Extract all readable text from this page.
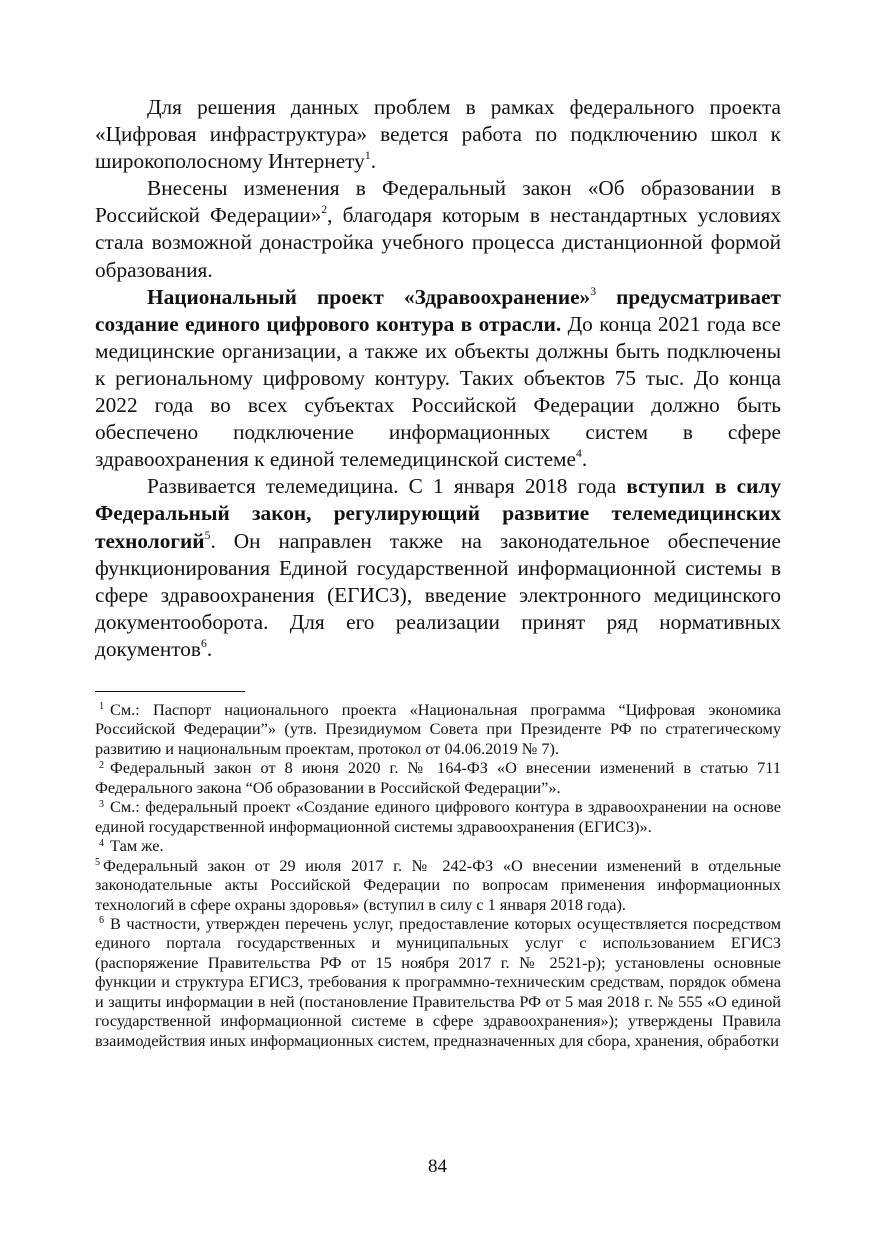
Для решения данных проблем в рамках федерального проекта «Цифровая инфраструктура» ведется работа по подключению школ к широкополосному Интернету$^1$.

Внесены изменения в Федеральный закон «Об образовании в Российской Федерации»$^2$, благодаря которым в нестандартных условиях стала возможной донастройка учебного процесса дистанционной формой образования.

Национальный проект «Здравоохранение»$^3$ предусматривает создание единого цифрового контура в отрасли. До конца 2021 года все медицинские организации, а также их объекты должны быть подключены к региональному цифровому контуру. Таких объектов 75 тыс. До конца 2022 года во всех субъектах Российской Федерации должно быть обеспечено подключение информационных систем в сфере здравоохранения к единой телемедицинской системе$^4$.

Развивается телемедицина. С 1 января 2018 года вступил в силу Федеральный закон, регулирующий развитие телемедицинских технологий$^5$. Он направлен также на законодательное обеспечение функционирования Единой государственной информационной системы в сфере здравоохранения (ЕГИСЗ), введение электронного медицинского документооборота. Для его реализации принят ряд нормативных документов$^6$.

$^1$ См.: Паспорт национального проекта «Национальная программа “Цифровая экономика Российской Федерации”» (утв. Президиумом Совета при Президенте РФ по стратегическому развитию и национальным проектам, протокол от 04.06.2019 № 7).

$^2$ Федеральный закон от 8 июня 2020 г. № 164-ФЗ «О внесении изменений в статью 711 Федерального закона “Об образовании в Российской Федерации”».

$^3$ См.: федеральный проект «Создание единого цифрового контура в здравоохранении на основе единой государственной информационной системы здравоохранения (ЕГИСЗ)».

$^4$ Там же.

$^5$ Федеральный закон от 29 июля 2017 г. № 242-ФЗ «О внесении изменений в отдельные законодательные акты Российской Федерации по вопросам применения информационных технологий в сфере охраны здоровья» (вступил в силу с 1 января 2018 года).

$^6$ В частности, утвержден перечень услуг, предоставление которых осуществляется посредством единого портала государственных и муниципальных услуг с использованием ЕГИСЗ (распоряжение Правительства РФ от 15 ноября 2017 г. № 2521-р); установлены основные функции и структура ЕГИСЗ, требования к программно-техническим средствам, порядок обмена и защиты информации в ней (постановление Правительства РФ от 5 мая 2018 г. № 555 «О единой государственной информационной системе в сфере здравоохранения»); утверждены Правила взаимодействия иных информационных систем, предназначенных для сбора, хранения, обработки

84
